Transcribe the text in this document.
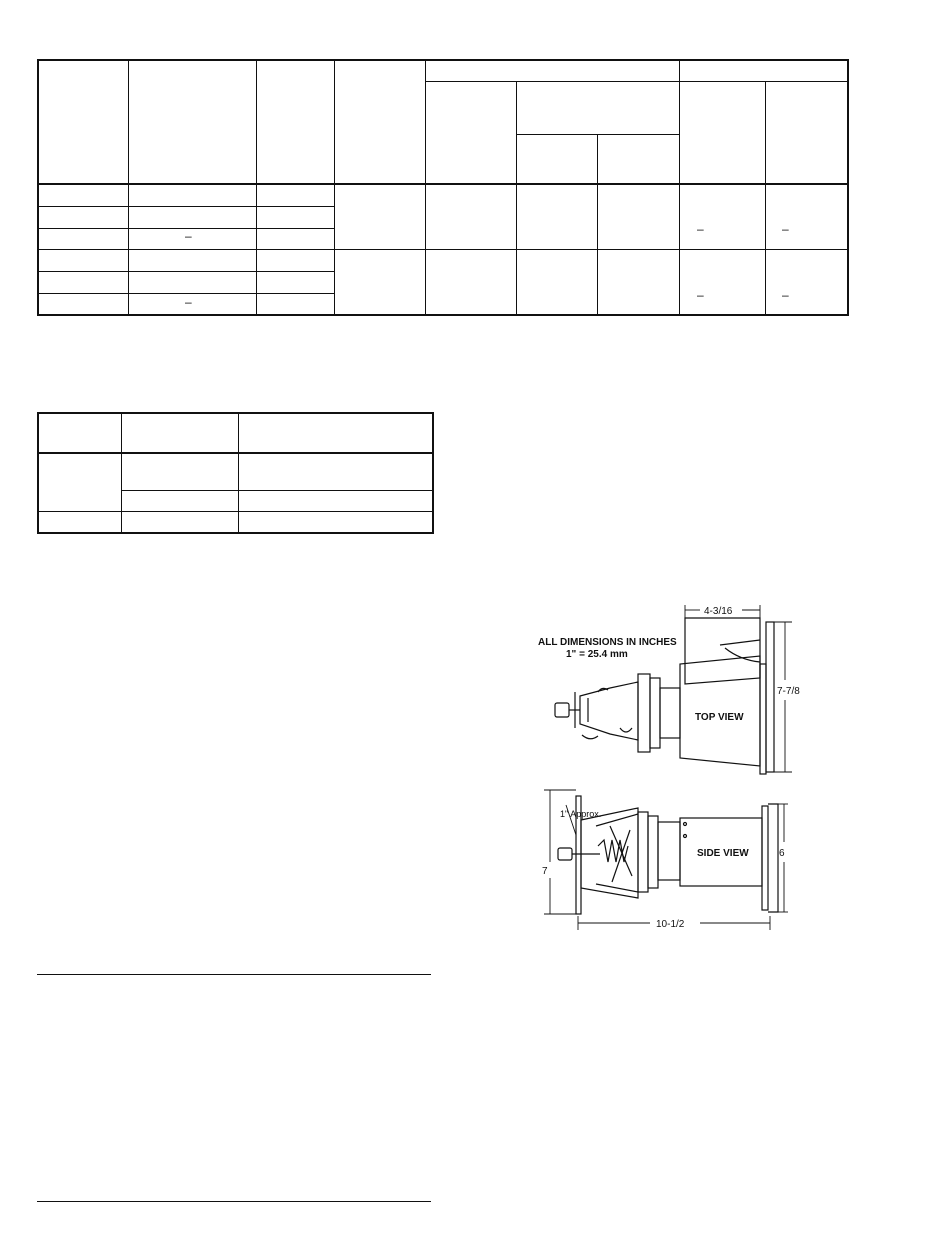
–
–
–	–
–	–
ALL DIMENSIONS IN INCHES
1" = 25.4 mm
TOP VIEW
SIDE VIEW
4-3/16
7-7/8
1" Approx.
7
6
10-1/2
